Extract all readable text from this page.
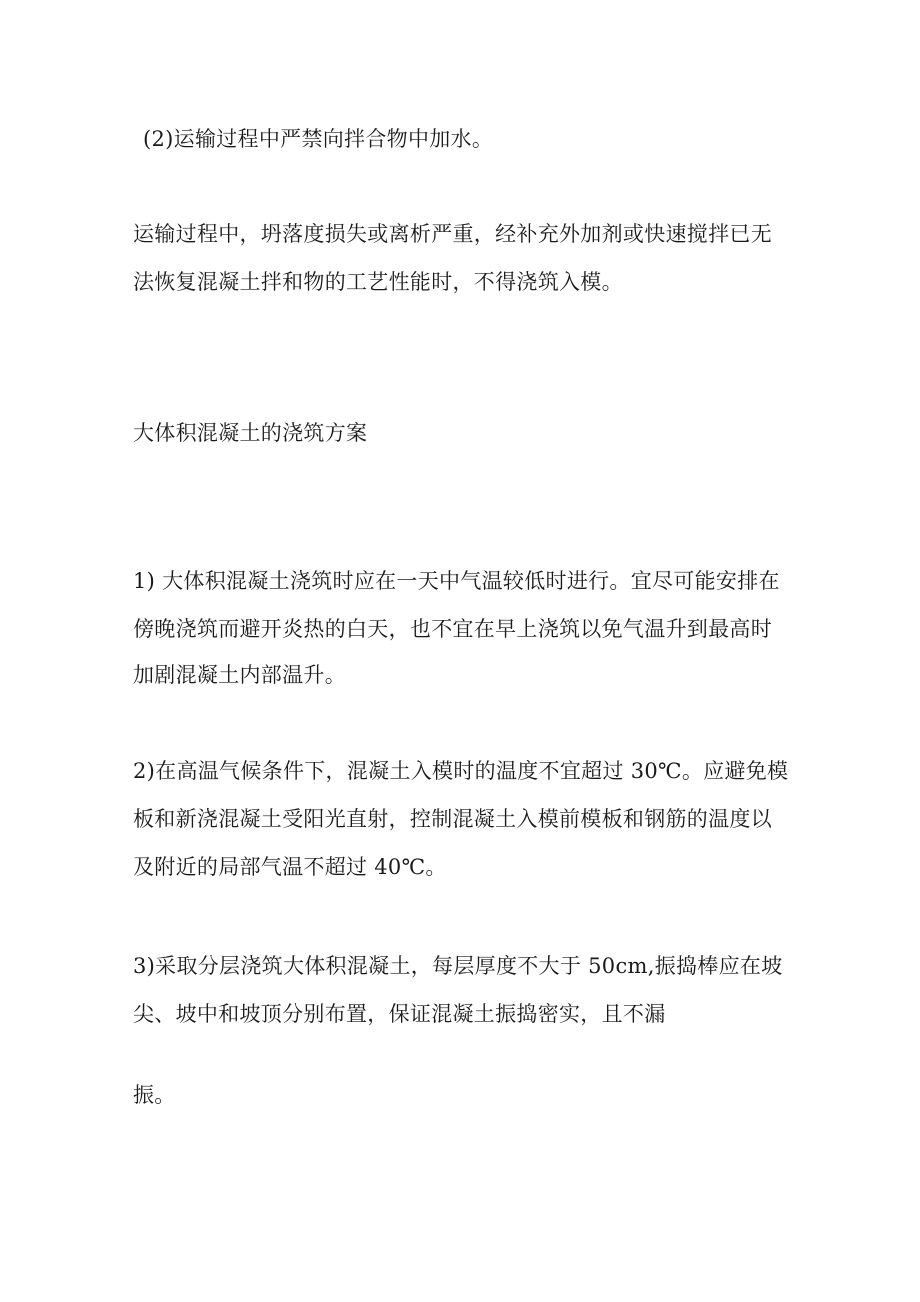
(2)运输过程中严禁向拌合物中加水。
运输过程中，坍落度损失或离析严重，经补充外加剂或快速搅拌已无
法恢复混凝土拌和物的工艺性能时，不得浇筑入模。
大体积混凝土的浇筑方案
1) 大体积混凝土浇筑时应在一天中气温较低时进行。宜尽可能安排在
傍晚浇筑而避开炎热的白天，也不宜在早上浇筑以免气温升到最高时
加剧混凝土内部温升。
2)在高温气候条件下，混凝土入模时的温度不宜超过 30℃。应避免模
板和新浇混凝土受阳光直射，控制混凝土入模前模板和钢筋的温度以
及附近的局部气温不超过 40℃。
3)采取分层浇筑大体积混凝土，每层厚度不大于 50cm,振捣棒应在坡
尖、坡中和坡顶分别布置，保证混凝土振捣密实，且不漏
振。
